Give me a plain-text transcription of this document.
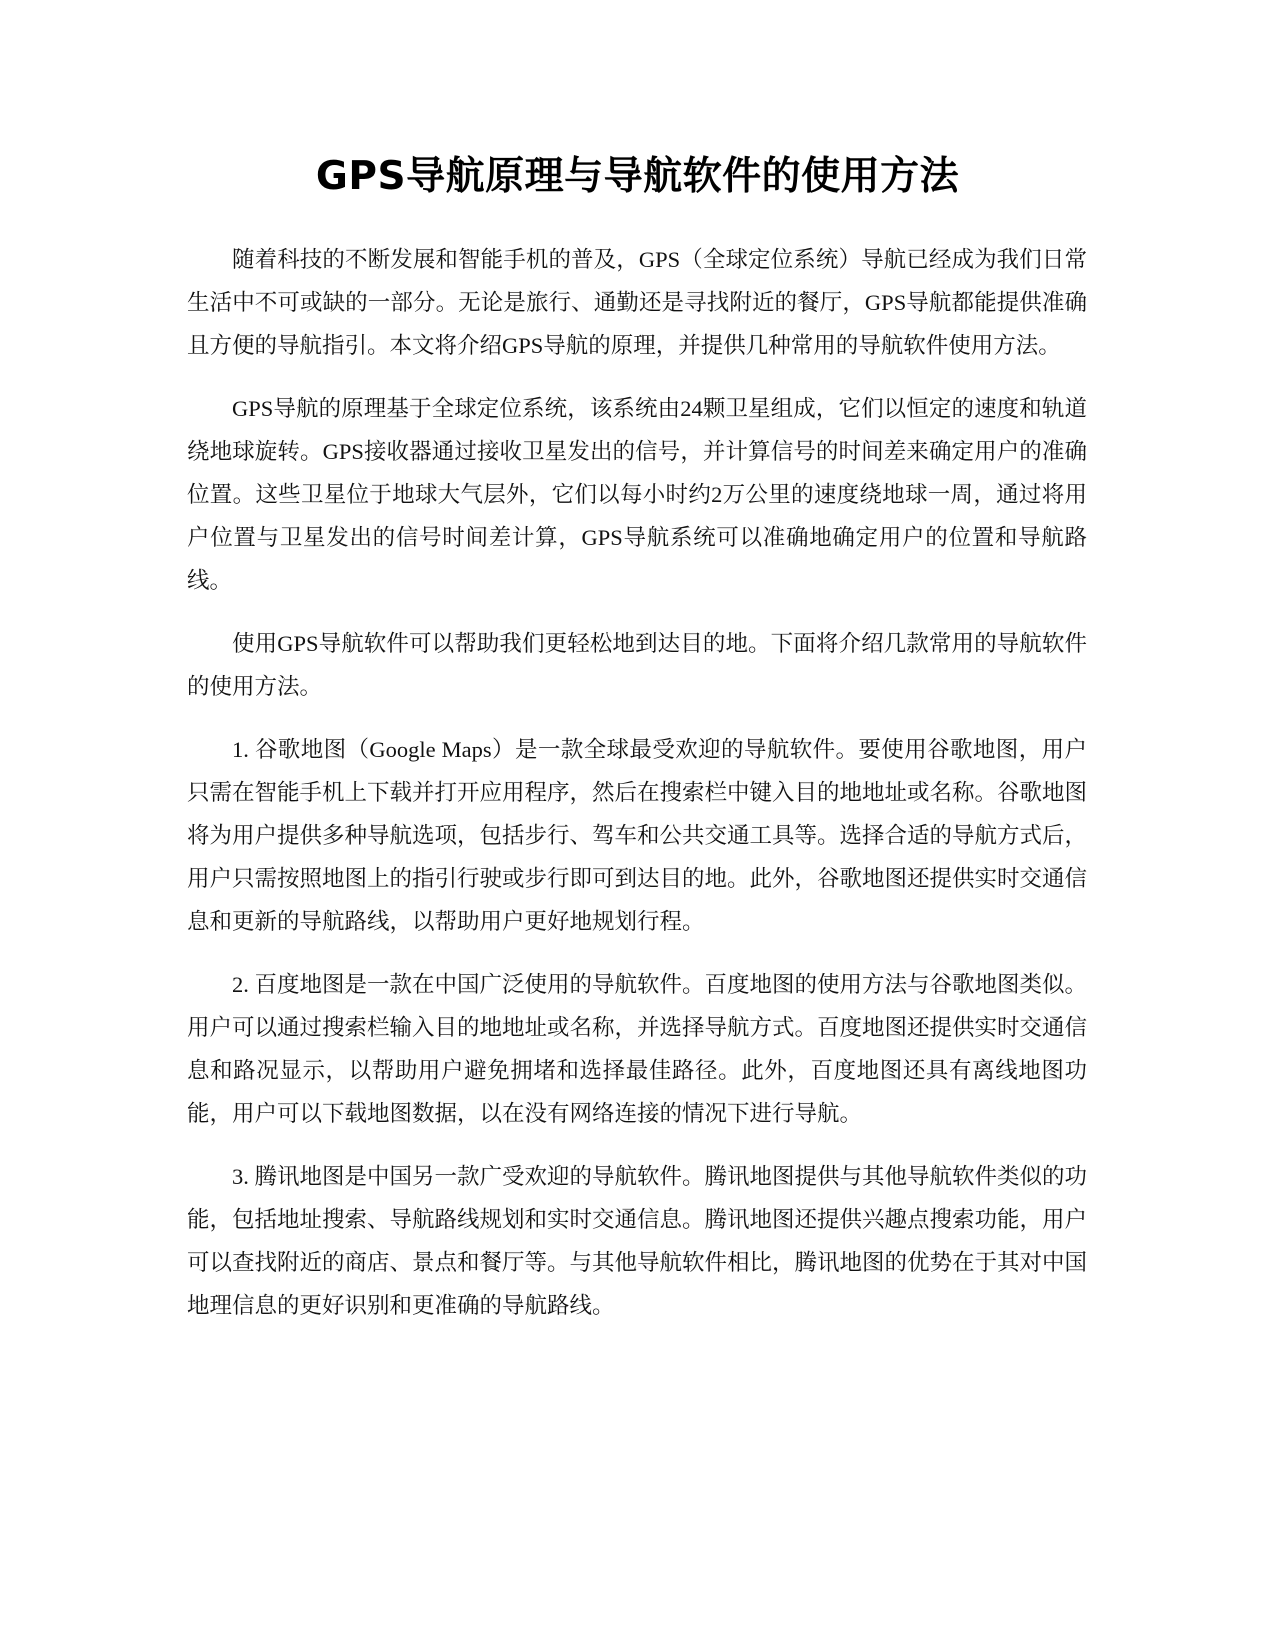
GPS导航原理与导航软件的使用方法

随着科技的不断发展和智能手机的普及，GPS（全球定位系统）导航已经成为我们日常生活中不可或缺的一部分。无论是旅行、通勤还是寻找附近的餐厅，GPS导航都能提供准确且方便的导航指引。本文将介绍GPS导航的原理，并提供几种常用的导航软件使用方法。

GPS导航的原理基于全球定位系统，该系统由24颗卫星组成，它们以恒定的速度和轨道绕地球旋转。GPS接收器通过接收卫星发出的信号，并计算信号的时间差来确定用户的准确位置。这些卫星位于地球大气层外，它们以每小时约2万公里的速度绕地球一周，通过将用户位置与卫星发出的信号时间差计算，GPS导航系统可以准确地确定用户的位置和导航路线。

使用GPS导航软件可以帮助我们更轻松地到达目的地。下面将介绍几款常用的导航软件的使用方法。

1. 谷歌地图（Google Maps）是一款全球最受欢迎的导航软件。要使用谷歌地图，用户只需在智能手机上下载并打开应用程序，然后在搜索栏中键入目的地地址或名称。谷歌地图将为用户提供多种导航选项，包括步行、驾车和公共交通工具等。选择合适的导航方式后，用户只需按照地图上的指引行驶或步行即可到达目的地。此外，谷歌地图还提供实时交通信息和更新的导航路线，以帮助用户更好地规划行程。

2. 百度地图是一款在中国广泛使用的导航软件。百度地图的使用方法与谷歌地图类似。用户可以通过搜索栏输入目的地地址或名称，并选择导航方式。百度地图还提供实时交通信息和路况显示，以帮助用户避免拥堵和选择最佳路径。此外，百度地图还具有离线地图功能，用户可以下载地图数据，以在没有网络连接的情况下进行导航。

3. 腾讯地图是中国另一款广受欢迎的导航软件。腾讯地图提供与其他导航软件类似的功能，包括地址搜索、导航路线规划和实时交通信息。腾讯地图还提供兴趣点搜索功能，用户可以查找附近的商店、景点和餐厅等。与其他导航软件相比，腾讯地图的优势在于其对中国地理信息的更好识别和更准确的导航路线。
